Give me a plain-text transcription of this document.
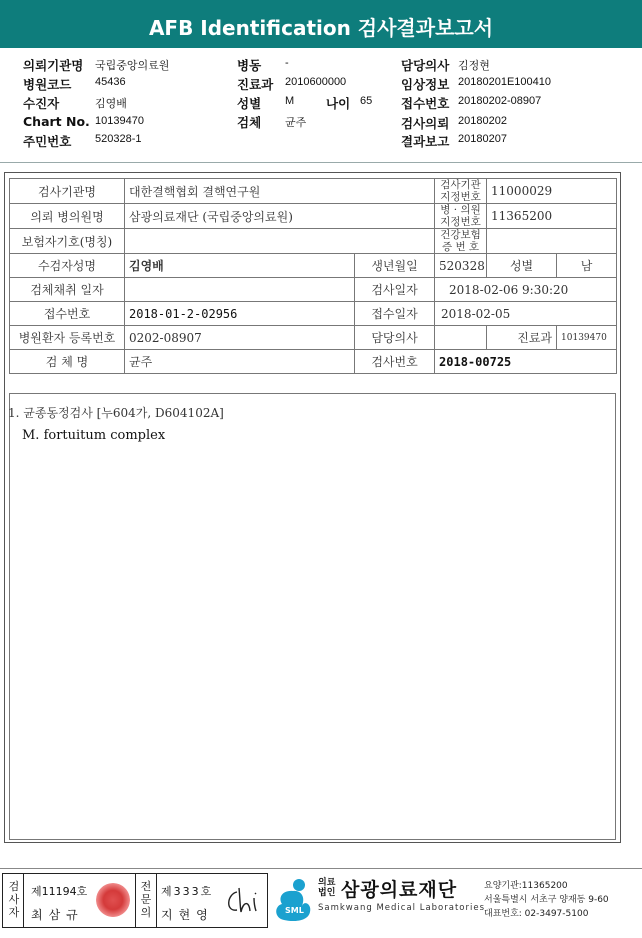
AFB Identification 검사결과보고서
의뢰기관명 국립중앙의료원
병원코드 45436
수진자	김영배
Chart No. 10139470
주민번호 520328-1
병동 -
진료과 2010600000
성별 M	나이 65
검체 균주
담당의사 김정현
임상정보 20180201E100410
접수번호 20180202-08907
검사의뢰 20180202
결과보고 20180207
검사기관명	대한결핵협회 결핵연구원		검사기관 지정번호	11000029	
의뢰 병의원명	삼광의료재단 (국립중앙의료원)		병 · 의원 지정번호	11365200	
보험자기호(명칭)			건강보험 증 번 호		
수검자성명	김영배	생년월일	520328	성별	남
검체채취 일자		검사일자	2018-02-06 9:30:20		
접수번호	2018-01-2-02956	접수일자	2018-02-05		
병원환자 등록번호	0202-08907	담당의사		진료과	10139470
검 체 명	균주	검사번호	2018-00725		
1. 균종동정검사 [누604가, D604102A]
M. fortuitum complex
검사자
제11194호
최삼규
전문의
제333호
지현영	SML
의료법인 삼광의료재단
Samkwang Medical Laboratories
요양기관:11365200
서울특별시 서초구 양재동 9-60
대표번호: 02-3497-5100
